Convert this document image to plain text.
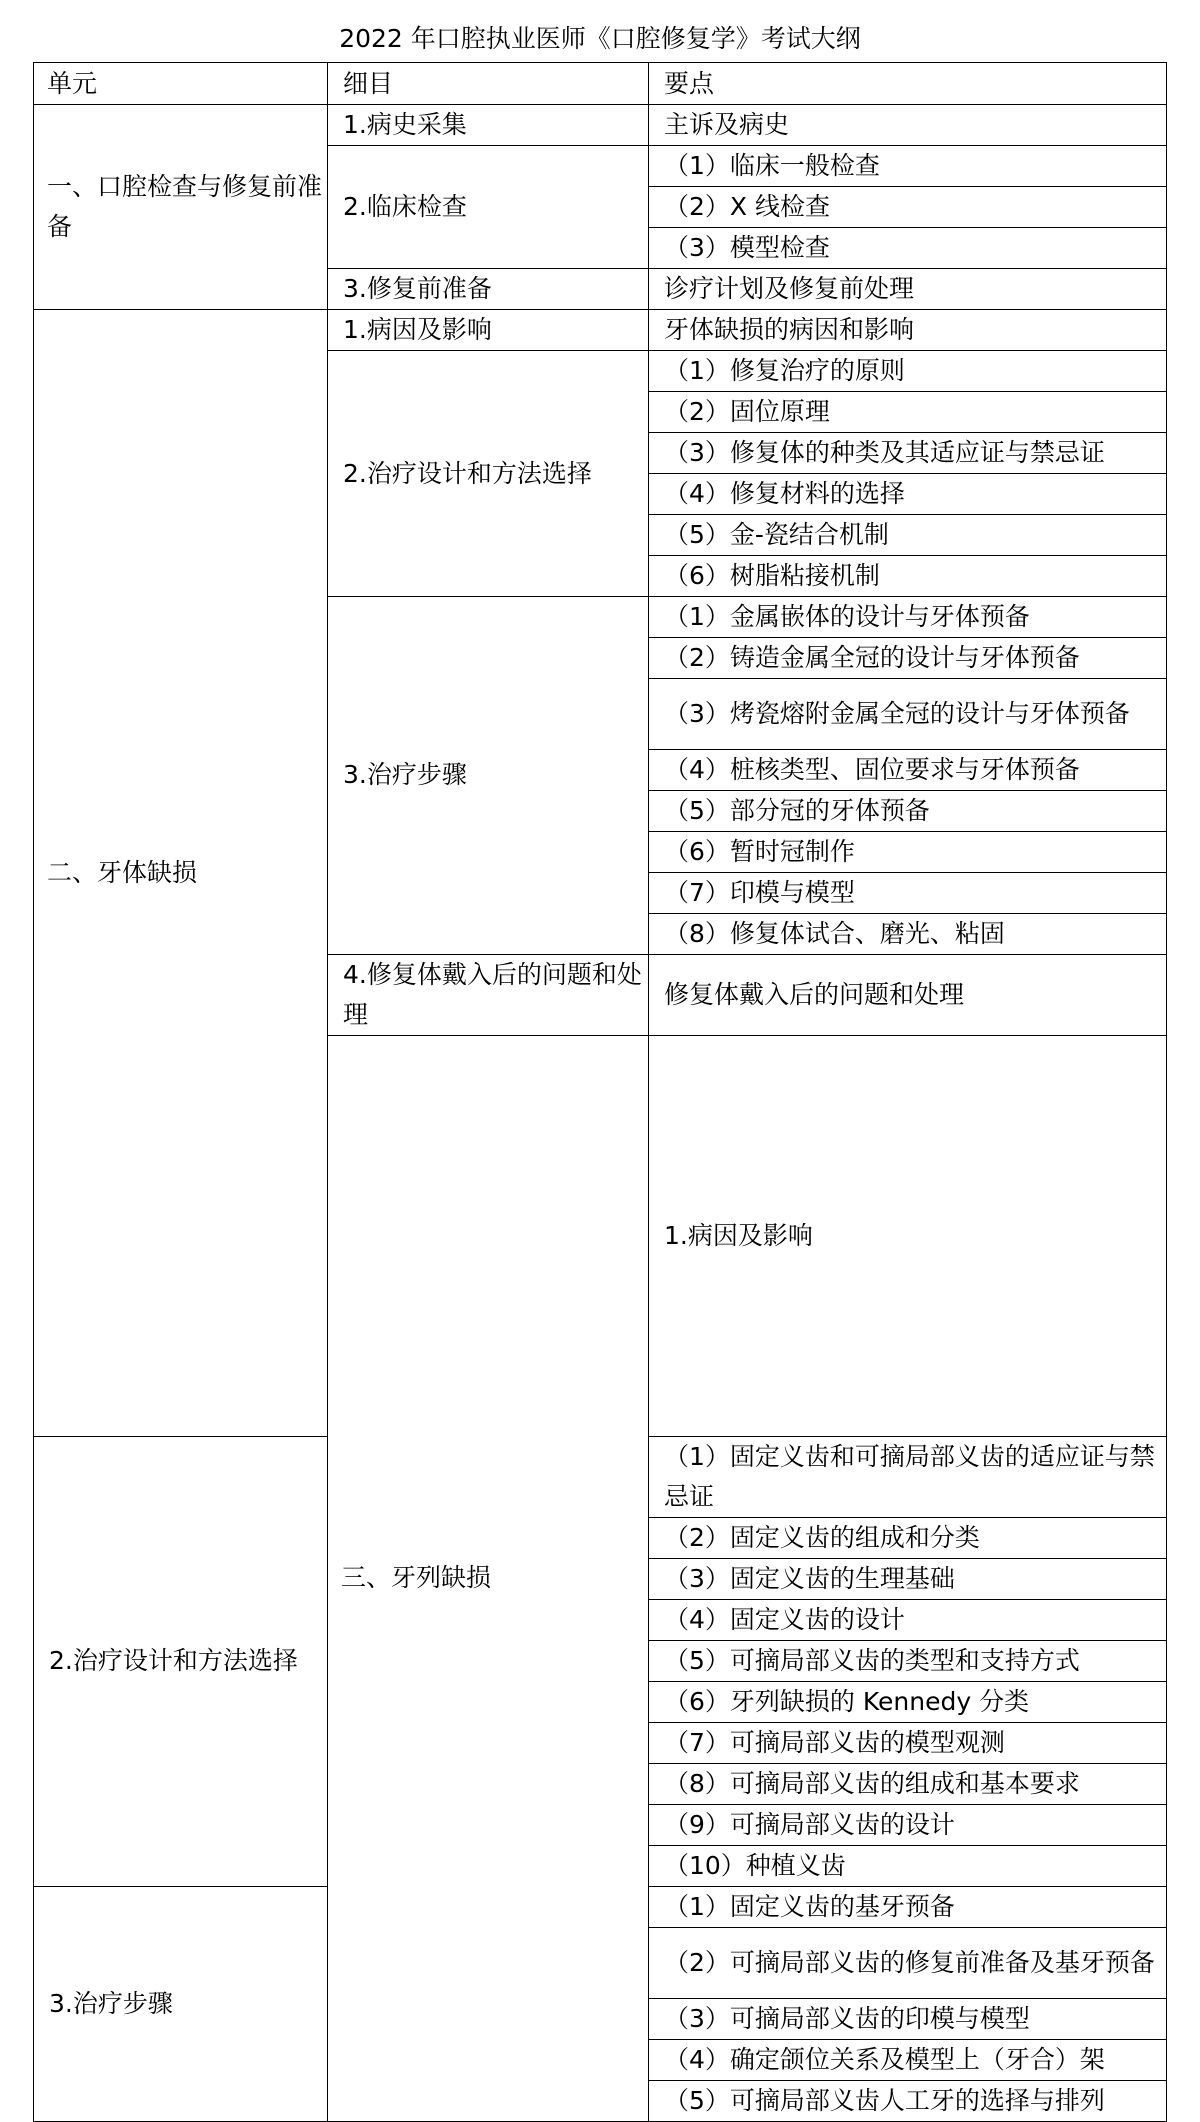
2022 年口腔执业医师《口腔修复学》考试大纲
单元	细目	要点	
一、口腔检查与修复前准备	1.病史采集	主诉及病史	
	2.临床检查	（1）临床一般检查	
		（2）X 线检查	
		（3）模型检查	
	3.修复前准备	诊疗计划及修复前处理	
二、牙体缺损	1.病因及影响	牙体缺损的病因和影响	
	2.治疗设计和方法选择	（1）修复治疗的原则	
		（2）固位原理	
		（3）修复体的种类及其适应证与禁忌证	
		（4）修复材料的选择	
		（5）金-瓷结合机制	
		（6）树脂粘接机制	
	3.治疗步骤	（1）金属嵌体的设计与牙体预备	
		（2）铸造金属全冠的设计与牙体预备	
		（3）烤瓷熔附金属全冠的设计与牙体预备	
		（4）桩核类型、固位要求与牙体预备	
		（5）部分冠的牙体预备	
		（6）暂时冠制作	
		（7）印模与模型	
		（8）修复体试合、磨光、粘固	
	4.修复体戴入后的问题和处理	修复体戴入后的问题和处理	
	三、牙列缺损	1.病因及影响	
2.治疗设计和方法选择		（1）固定义齿和可摘局部义齿的适应证与禁忌证	
		（2）固定义齿的组成和分类	
		（3）固定义齿的生理基础	
		（4）固定义齿的设计	
		（5）可摘局部义齿的类型和支持方式	
		（6）牙列缺损的 Kennedy 分类	
		（7）可摘局部义齿的模型观测	
		（8）可摘局部义齿的组成和基本要求	
		（9）可摘局部义齿的设计	
		（10）种植义齿	
3.治疗步骤		（1）固定义齿的基牙预备	
		（2）可摘局部义齿的修复前准备及基牙预备	
		（3）可摘局部义齿的印模与模型	
		（4）确定颌位关系及模型上（牙合）架	
		（5）可摘局部义齿人工牙的选择与排列	
